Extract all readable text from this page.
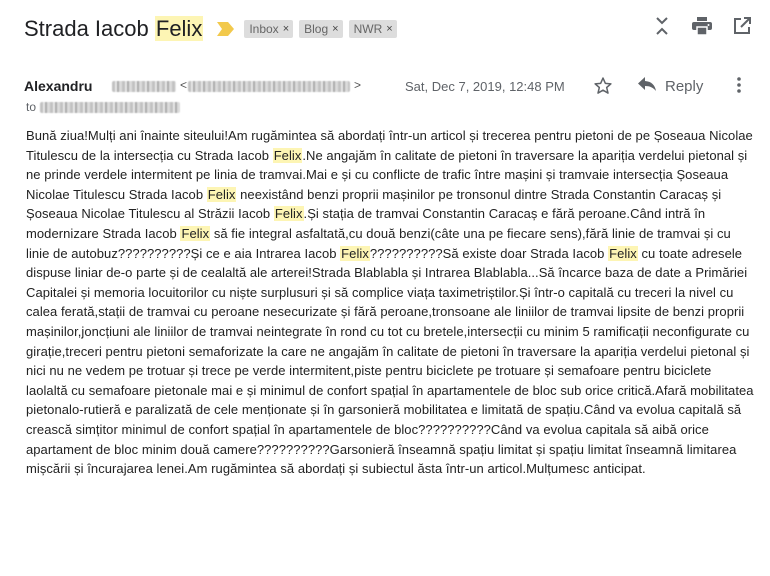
Strada Iacob Felix	Inbox × Blog × NWR ×
Alexandru	<	>	Sat, Dec 7, 2019, 12:48 PM	Reply
to
Bună ziua!Mulți ani înainte siteului!Am rugămintea să abordați într-un articol și trecerea pentru pietoni de pe Șoseaua Nicolae Titulescu de la intersecția cu Strada Iacob Felix.Ne angajăm în calitate de pietoni în traversare la apariția verdelui pietonal și ne prinde verdele intermitent pe linia de tramvai.Mai e și cu conflicte de trafic între mașini și tramvaie intersecția Șoseaua Nicolae Titulescu Strada Iacob Felix neexistând benzi proprii mașinilor pe tronsonul dintre Strada Constantin Caracaș și Șoseaua Nicolae Titulescu al Străzii Iacob Felix.Și stația de tramvai Constantin Caracaș e fără peroane.Când intră în modernizare Strada Iacob Felix să fie integral asfaltată,cu două benzi(câte una pe fiecare sens),fără linie de tramvai și cu linie de autobuz??????????Și ce e aia Intrarea Iacob Felix??????????Să existe doar Strada Iacob Felix cu toate adresele dispuse liniar de-o parte și de cealaltă ale arterei!Strada Blablabla și Intrarea Blablabla...Să încarce baza de date a Primăriei Capitalei și memoria locuitorilor cu niște surplusuri și să complice viața taximetriștilor.Și într-o capitală cu treceri la nivel cu calea ferată,stații de tramvai cu peroane nesecurizate și fără peroane,tronsoane ale liniilor de tramvai lipsite de benzi proprii mașinilor,joncțiuni ale liniilor de tramvai neintegrate în rond cu tot cu bretele,intersecții cu minim 5 ramificații neconfigurate cu girație,treceri pentru pietoni semaforizate la care ne angajăm în calitate de pietoni în traversare la apariția verdelui pietonal și nici nu ne vedem pe trotuar și trece pe verde intermitent,piste pentru biciclete pe trotuare și semafoare pentru biciclete laolaltă cu semafoare pietonale mai e și minimul de confort spațial în apartamentele de bloc sub orice critică.Afară mobilitatea pietonalo-rutieră e paralizată de cele menționate și în garsonieră mobilitatea e limitată de spațiu.Când va evolua capitală să crească simțitor minimul de confort spațial în apartamentele de bloc??????????Când va evolua capitala să aibă orice apartament de bloc minim două camere??????????Garsonieră înseamnă spațiu limitat și spațiu limitat înseamnă limitarea mișcării și încurajarea lenei.Am rugămintea să abordați și subiectul ăsta într-un articol.Mulțumesc anticipat.
